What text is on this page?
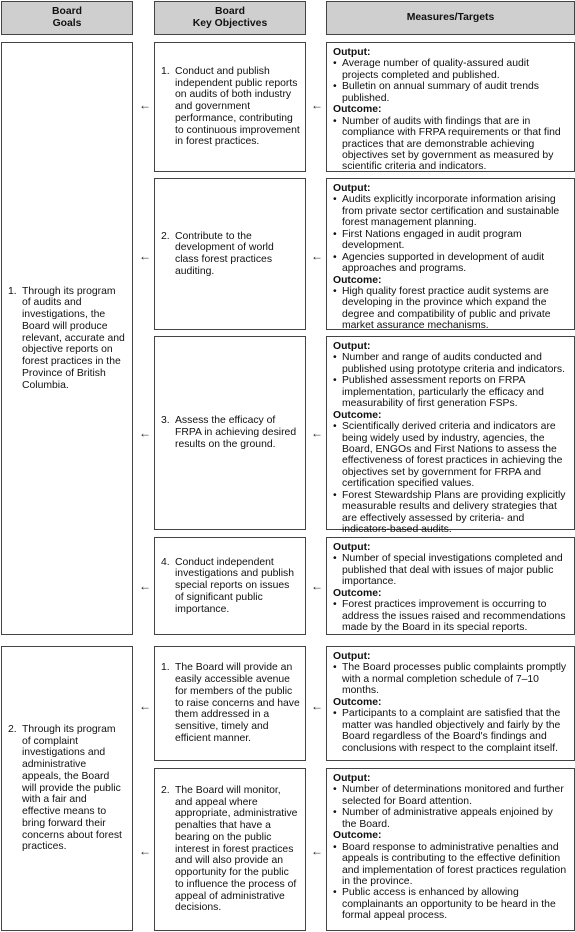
Board
Goals
Board
Key Objectives
Measures/Targets
1. Through its program of audits and investigations, the Board will produce relevant, accurate and objective reports on forest practices in the Province of British Columbia.
2. Through its program of complaint investigations and administrative appeals, the Board will provide the public with a fair and effective means to bring forward their concerns about forest practices.
←
←
←
←
←
←
←
←
←
←
←
←
1. Conduct and publish independent public reports on audits of both industry and government performance, contributing to continuous improvement in forest practices.
2. Contribute to the development of world class forest practices auditing.
3. Assess the efficacy of FRPA in achieving desired results on the ground.
4. Conduct independent investigations and publish special reports on issues of significant public importance.
1. The Board will provide an easily accessible avenue for members of the public to raise concerns and have them addressed in a sensitive, timely and efficient manner.
2. The Board will monitor, and appeal where appropriate, administrative penalties that have a bearing on the public interest in forest practices and will also provide an opportunity for the public to influence the process of appeal of administrative decisions.
Output:
• Average number of quality-assured audit projects completed and published.
• Bulletin on annual summary of audit trends published.
Outcome:
• Number of audits with findings that are in compliance with FRPA requirements or that find practices that are demonstrable achieving objectives set by government as measured by scientific criteria and indicators.
Output:
• Audits explicitly incorporate information arising from private sector certification and sustainable forest management planning.
• First Nations engaged in audit program development.
• Agencies supported in development of audit approaches and programs.
Outcome:
• High quality forest practice audit systems are developing in the province which expand the degree and compatibility of public and private market assurance mechanisms.
Output:
• Number and range of audits conducted and published using prototype criteria and indicators.
• Published assessment reports on FRPA implementation, particularly the efficacy and measurability of first generation FSPs.
Outcome:
• Scientifically derived criteria and indicators are being widely used by industry, agencies, the Board, ENGOs and First Nations to assess the effectiveness of forest practices in achieving the objectives set by government for FRPA and certification specified values.
• Forest Stewardship Plans are providing explicitly measurable results and delivery strategies that are effectively assessed by criteria- and indicators-based audits.
Output:
• Number of special investigations completed and published that deal with issues of major public importance.
Outcome:
• Forest practices improvement is occurring to address the issues raised and recommendations made by the Board in its special reports.
Output:
• The Board processes public complaints promptly with a normal completion schedule of 7–10 months.
Outcome:
• Participants to a complaint are satisfied that the matter was handled objectively and fairly by the Board regardless of the Board's findings and conclusions with respect to the complaint itself.
Output:
• Number of determinations monitored and further selected for Board attention.
• Number of administrative appeals enjoined by the Board.
Outcome:
• Board response to administrative penalties and appeals is contributing to the effective definition and implementation of forest practices regulation in the province.
• Public access is enhanced by allowing complainants an opportunity to be heard in the formal appeal process.
